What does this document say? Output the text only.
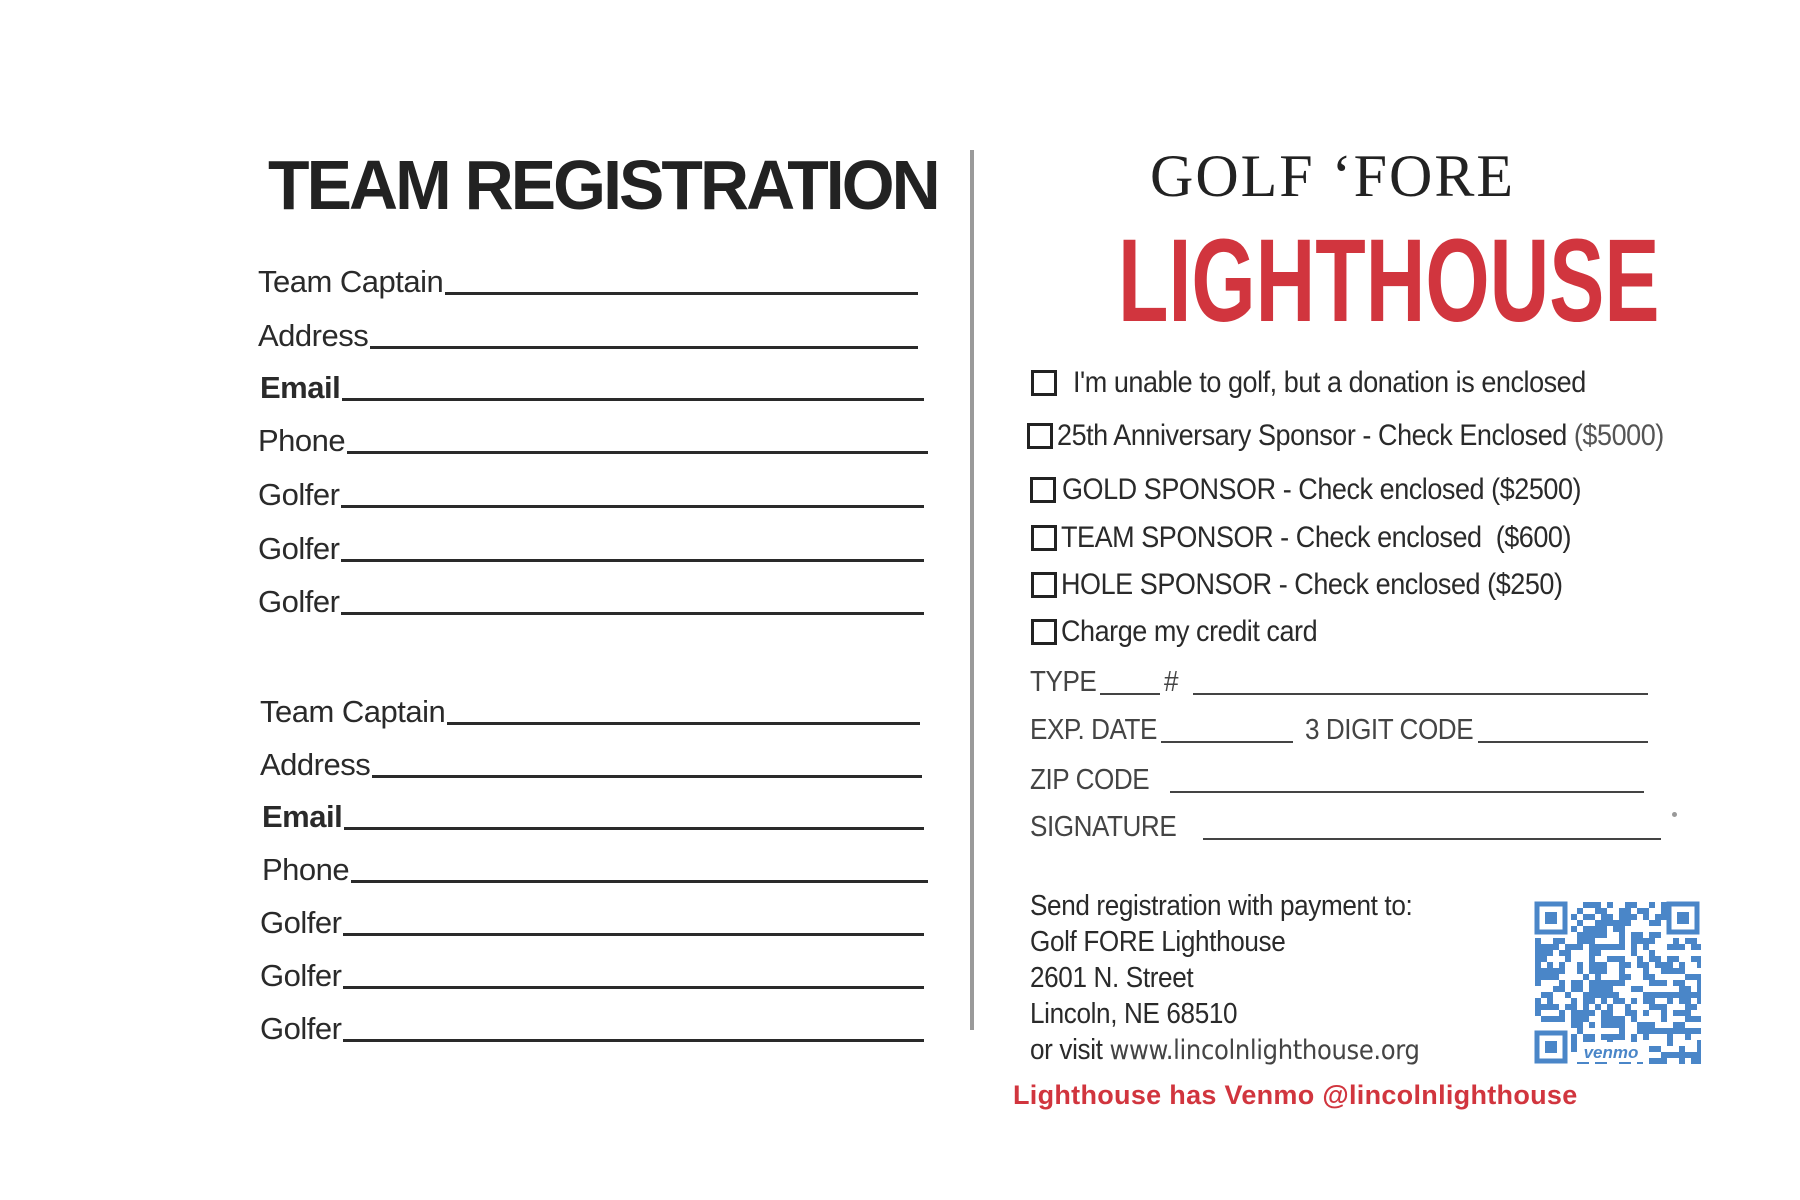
TEAM REGISTRATION
Team Captain
Address
Email
Phone
Golfer
Golfer
Golfer
Team Captain
Address
Email
Phone
Golfer
Golfer
Golfer
GOLF ‘FORE
LIGHTHOUSE
I'm unable to golf, but a donation is enclosed
25th Anniversary Sponsor - Check Enclosed ($5000)
GOLD SPONSOR - Check enclosed ($2500)
TEAM SPONSOR - Check enclosed  ($600)
HOLE SPONSOR - Check enclosed ($250)
Charge my credit card
TYPE #
EXP. DATE	3 DIGIT CODE
ZIP CODE
SIGNATURE
Send registration with payment to:
Golf FORE Lighthouse
2601 N. Street
Lincoln, NE 68510
or visit www.lincolnlighthouse.org	venmo
Lighthouse has Venmo @lincolnlighthouse
